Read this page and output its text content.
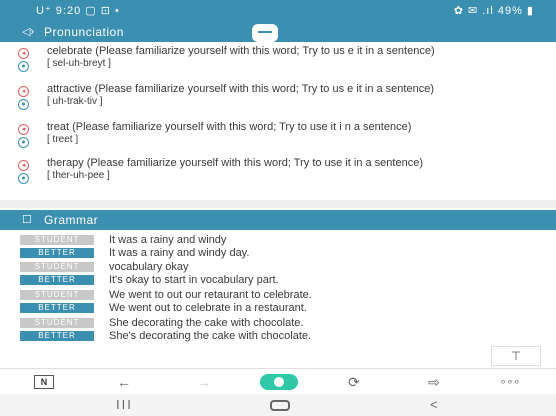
U⁺ 9:20 ▢ ⊡ •	✿ ✉ .ıl 49% ▮
◁› Pronunciation
◂
●
celebrate (Please familiarize yourself with this word; Try to us e it in a sentence)
[ sel-uh-breyt ]
◂
●
attractive (Please familiarize yourself with this word; Try to us e it in a sentence)
[ uh-trak-tiv ]
◂
●
treat (Please familiarize yourself with this word; Try to use it i n a sentence)
[ treet ]
◂
●
therapy (Please familiarize yourself with this word; Try to use it in a sentence)
[ ther-uh-pee ]
☐ Grammar
STUDENT	It was a rainy and windy
BETTER	It was a rainy and windy day.
STUDENT	vocabulary okay
BETTER	It's okay to start in vocabulary part.
STUDENT	We went to out our retaurant to celebrate.
BETTER	We went out to celebrate in a restaurant.
STUDENT	She decorating the cake with chocolate.
BETTER	She's decorating the cake with chocolate.
⊤
N	←	→	⟳	⇨	∘∘∘
III	<
